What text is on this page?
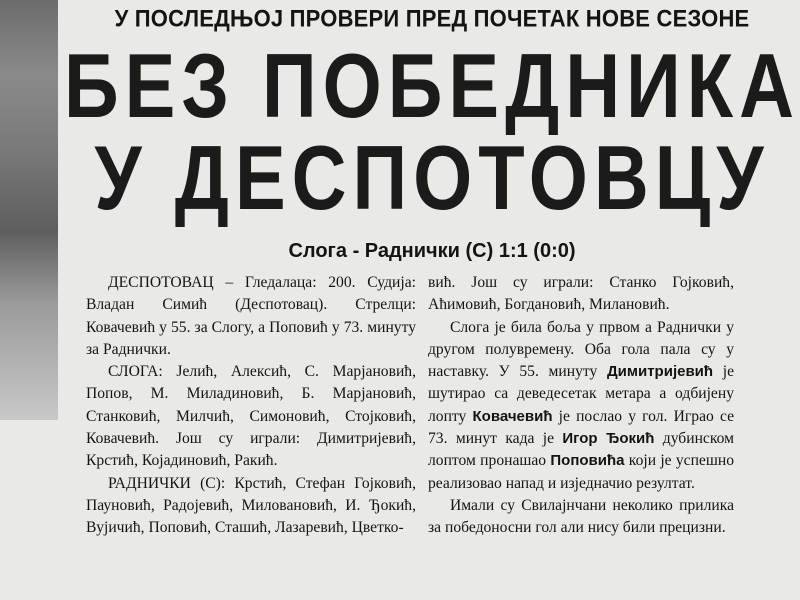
У ПОСЛЕДЊОЈ ПРОВЕРИ ПРЕД ПОЧЕТАК НОВЕ СЕЗОНЕ
БЕЗ ПОБЕДНИКА
У ДЕСПОТОВЦУ
Слога - Раднички (С) 1:1 (0:0)

ДЕСПОТОВАЦ – Гледалаца: 200. Судија: Владан Симић (Деспотовац). Стрелци: Ковачевић у 55. за Слогу, а Поповић у 73. минуту за Раднички.

СЛОГА: Јелић, Алексић, С. Марјановић, Попов, М. Миладиновић, Б. Марјановић, Станковић, Милчић, Симоновић, Стојковић, Ковачевић. Још су играли: Димитријевић, Крстић, Којадиновић, Ракић.

РАДНИЧКИ (С): Крстић, Стефан Гојковић, Пауновић, Радојевић, Миловановић, И. Ђокић, Вујичић, Поповић, Сташић, Лазаревић, Цветко-

вић. Још су играли: Станко Гојковић, Аћимовић, Богдановић, Милановић.

Слога је била боља у првом а Раднички у другом полувремену. Оба гола пала су у наставку. У 55. минуту Димитријевић је шутирао са деведесетак метара а одбијену лопту Ковачевић је послао у гол. Играо се 73. минут када је Игор Ђокић дубинском лоптом пронашао Поповића који је успешно реализовао напад и изједначио резултат.

Имали су Свилајнчани неколико прилика за победоносни гол али нису били прецизни.
